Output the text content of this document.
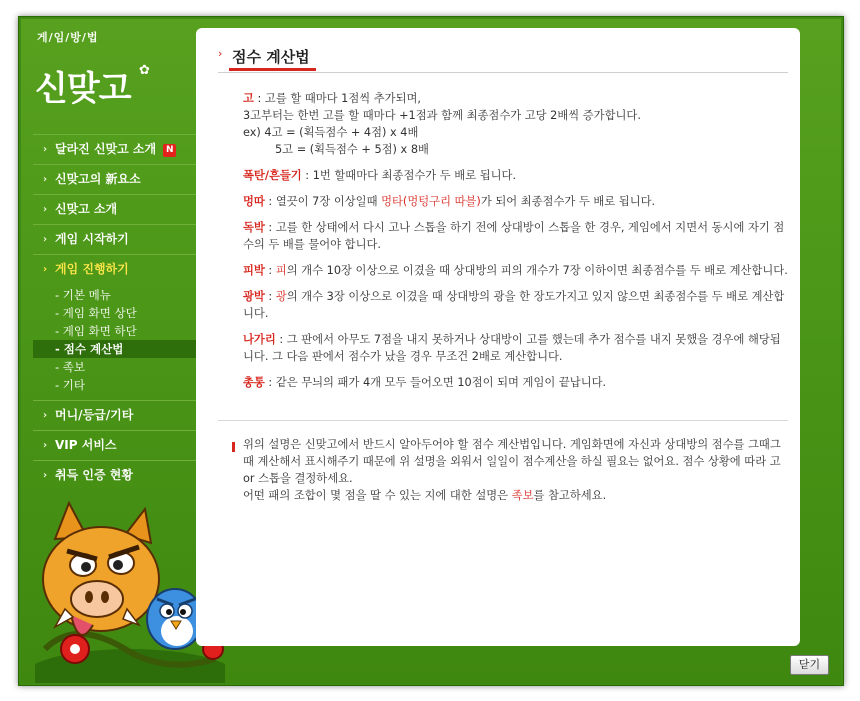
게/임/방/법
신맞고 ✿
› 달라진 신맞고 소개 N
› 신맞고의 新요소
› 신맞고 소개
› 게임 시작하기
› 게임 진행하기
- 기본 메뉴
- 게임 화면 상단
- 게임 화면 하단
- 점수 계산법
- 족보
- 기타
› 머니/등급/기타
› VIP 서비스
› 취득 인증 현황
› 점수 계산법
고 : 고를 할 때마다 1점씩 추가되며,
3고부터는 한번 고를 할 때마다 +1점과 함께 최종점수가 고당 2배씩 증가합니다.
ex) 4고 = (획득점수 + 4점) x 4배
5고 = (획득점수 + 5점) x 8배
폭탄/흔들기 : 1번 할때마다 최종점수가 두 배로 됩니다.
멍따 : 열끗이 7장 이상일때 멍타(멍텅구리 따블)가 되어 최종점수가 두 배로 됩니다.
독박 : 고를 한 상태에서 다시 고나 스톱을 하기 전에 상대방이 스톱을 한 경우, 게임에서 지면서 동시에 자기 점수의 두 배를 물어야 합니다.
피박 : 피의 개수 10장 이상으로 이겼을 때 상대방의 피의 개수가 7장 이하이면 최종점수를 두 배로 계산합니다.
광박 : 광의 개수 3장 이상으로 이겼을 때 상대방의 광을 한 장도가지고 있지 않으면 최종점수를 두 배로 계산합니다.
나가리 : 그 판에서 아무도 7점을 내지 못하거나 상대방이 고를 했는데 추가 점수를 내지 못했을 경우에 해당됩니다. 그 다음 판에서 점수가 났을 경우 무조건 2배로 계산합니다.
총통 : 같은 무늬의 패가 4개 모두 들어오면 10점이 되며 게임이 끝납니다.
위의 설명은 신맞고에서 반드시 알아두어야 할 점수 계산법입니다. 게임화면에 자신과 상대방의 점수를 그때그때 계산해서 표시해주기 때문에 위 설명을 외워서 일일이 점수계산을 하실 필요는 없어요. 점수 상황에 따라 고 or 스톱을 결정하세요.
어떤 패의 조합이 몇 점을 딸 수 있는 지에 대한 설명은 족보를 참고하세요.
닫기
